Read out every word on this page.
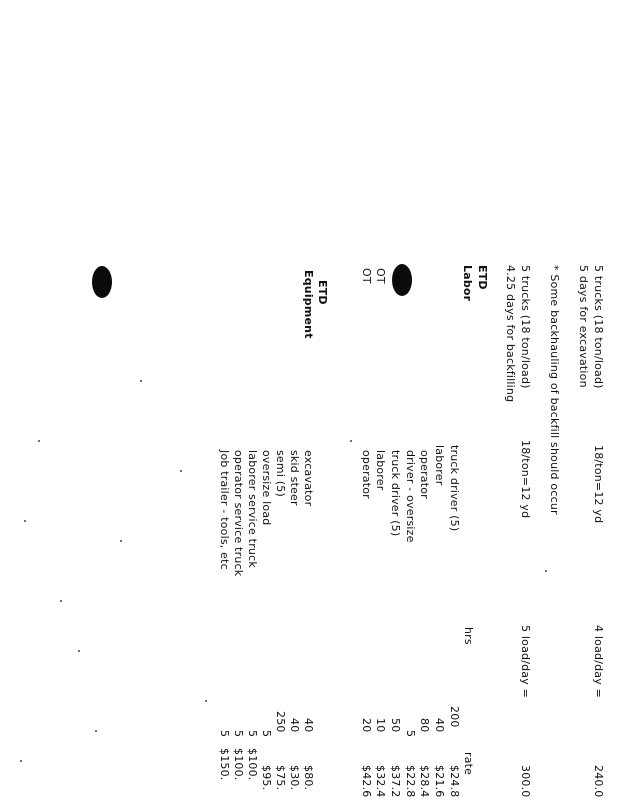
5 trucks (18 ton/load)
18/ton=12 yd
4 load/day =
240.0
5 days for excavation
* Some backhauling of backfill should occur
5 trucks (18 ton/load)
18/ton=12 yd
5 load/day =
300.0
4.25 days for backfilling
ETD
Labor
hrs
rate
truck driver (5)
200
$24.8
laborer
40
$21.6
operator
80
$28.4
driver - oversize
5
$22.8
OT
truck driver (5)
50
$37.2
OT
laborer
10
$32.4
operator
20
$42.6
ETD
Equipment
excavator
40
$80.
skid steer
40
$30.
semi (5)
250
$75.
oversize load
5
$95.
laborer service truck
5
$100.
operator service truck
5
$100.
Job trailer - tools, etc
5
$150.
